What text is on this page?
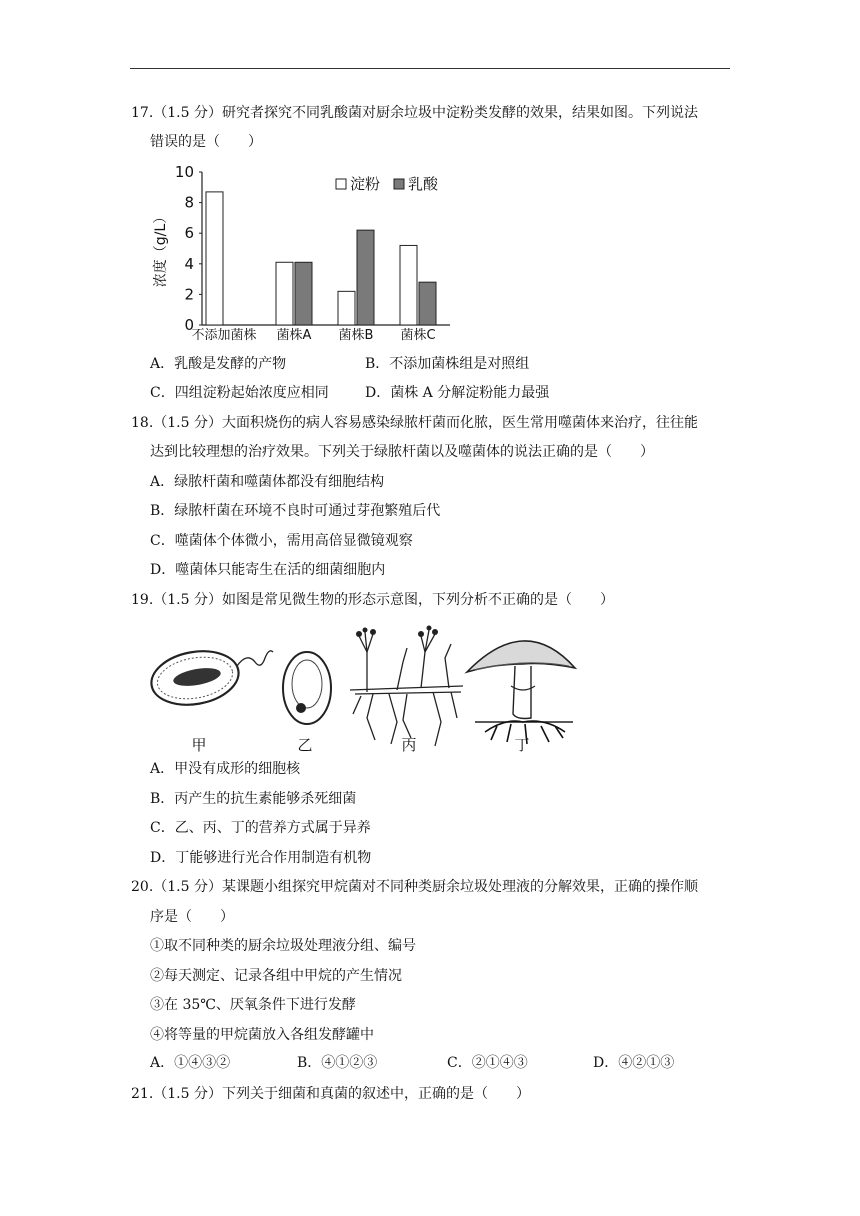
17.（1.5 分）研究者探究不同乳酸菌对厨余垃圾中淀粉类发酵的效果，结果如图。下列说法
错误的是（　　）
0
2
4
6
8
10
浓度（g/L）
不添加菌株 菌株A 菌株B 菌株C
淀粉 乳酸
A．乳酸是发酵的产物	B．不添加菌株组是对照组
C．四组淀粉起始浓度应相同	D．菌株 A 分解淀粉能力最强
18.（1.5 分）大面积烧伤的病人容易感染绿脓杆菌而化脓，医生常用噬菌体来治疗，往往能
达到比较理想的治疗效果。下列关于绿脓杆菌以及噬菌体的说法正确的是（　　）
A．绿脓杆菌和噬菌体都没有细胞结构
B．绿脓杆菌在环境不良时可通过芽孢繁殖后代
C．噬菌体个体微小，需用高倍显微镜观察
D．噬菌体只能寄生在活的细菌细胞内
19.（1.5 分）如图是常见微生物的形态示意图，下列分析不正确的是（　　）
甲	乙	丙	丁
A．甲没有成形的细胞核
B．丙产生的抗生素能够杀死细菌
C．乙、丙、丁的营养方式属于异养
D．丁能够进行光合作用制造有机物
20.（1.5 分）某课题小组探究甲烷菌对不同种类厨余垃圾处理液的分解效果，正确的操作顺
序是（　　）
①取不同种类的厨余垃圾处理液分组、编号
②每天测定、记录各组中甲烷的产生情况
③在 35℃、厌氧条件下进行发酵
④将等量的甲烷菌放入各组发酵罐中
A．①④③②	B．④①②③	C．②①④③	D．④②①③
21.（1.5 分）下列关于细菌和真菌的叙述中，正确的是（　　）
